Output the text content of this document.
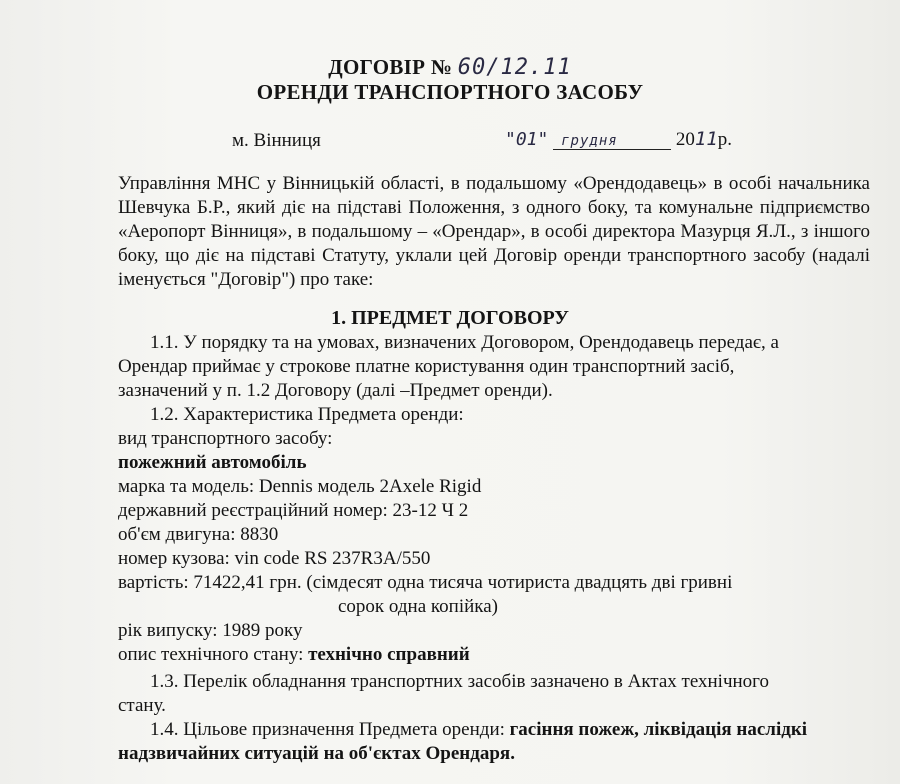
ДОГОВІР № 60/12.11
ОРЕНДИ ТРАНСПОРТНОГО ЗАСОБУ
м. Вінниця	"01" грудня	2011р.
Управління МНС у Вінницькій області, в подальшому «Орендодавець» в особі начальника Шевчука Б.Р., який діє на підставі Положення, з одного боку, та комунальне підприємство «Аеропорт Вінниця», в подальшому – «Орендар», в особі директора Мазурця Я.Л., з іншого боку, що діє на підставі Статуту, уклали цей Договір оренди транспортного засобу (надалі іменується "Договір") про таке:
1. ПРЕДМЕТ ДОГОВОРУ
1.1. У порядку та на умовах, визначених Договором, Орендодавець передає, а
Орендар приймає у строкове платне користування один транспортний засіб,
зазначений у п. 1.2 Договору (далі –Предмет оренди).
1.2. Характеристика Предмета оренди:
вид транспортного засобу:
пожежний автомобіль
марка та модель: Dennis модель 2Axele Rigid
державний реєстраційний номер: 23-12 Ч 2
об'єм двигуна: 8830
номер кузова: vin code RS 237R3A/550
вартість: 71422,41 грн. (сімдесят одна тисяча чотириста двадцять дві гривні
сорок одна копійка)
рік випуску: 1989 року
опис технічного стану: технічно справний
1.3. Перелік обладнання транспортних засобів зазначено в Актах технічного
стану.
1.4. Цільове призначення Предмета оренди: гасіння пожеж, ліквідація наслідкі
надзвичайних ситуацій на об'єктах Орендаря.
